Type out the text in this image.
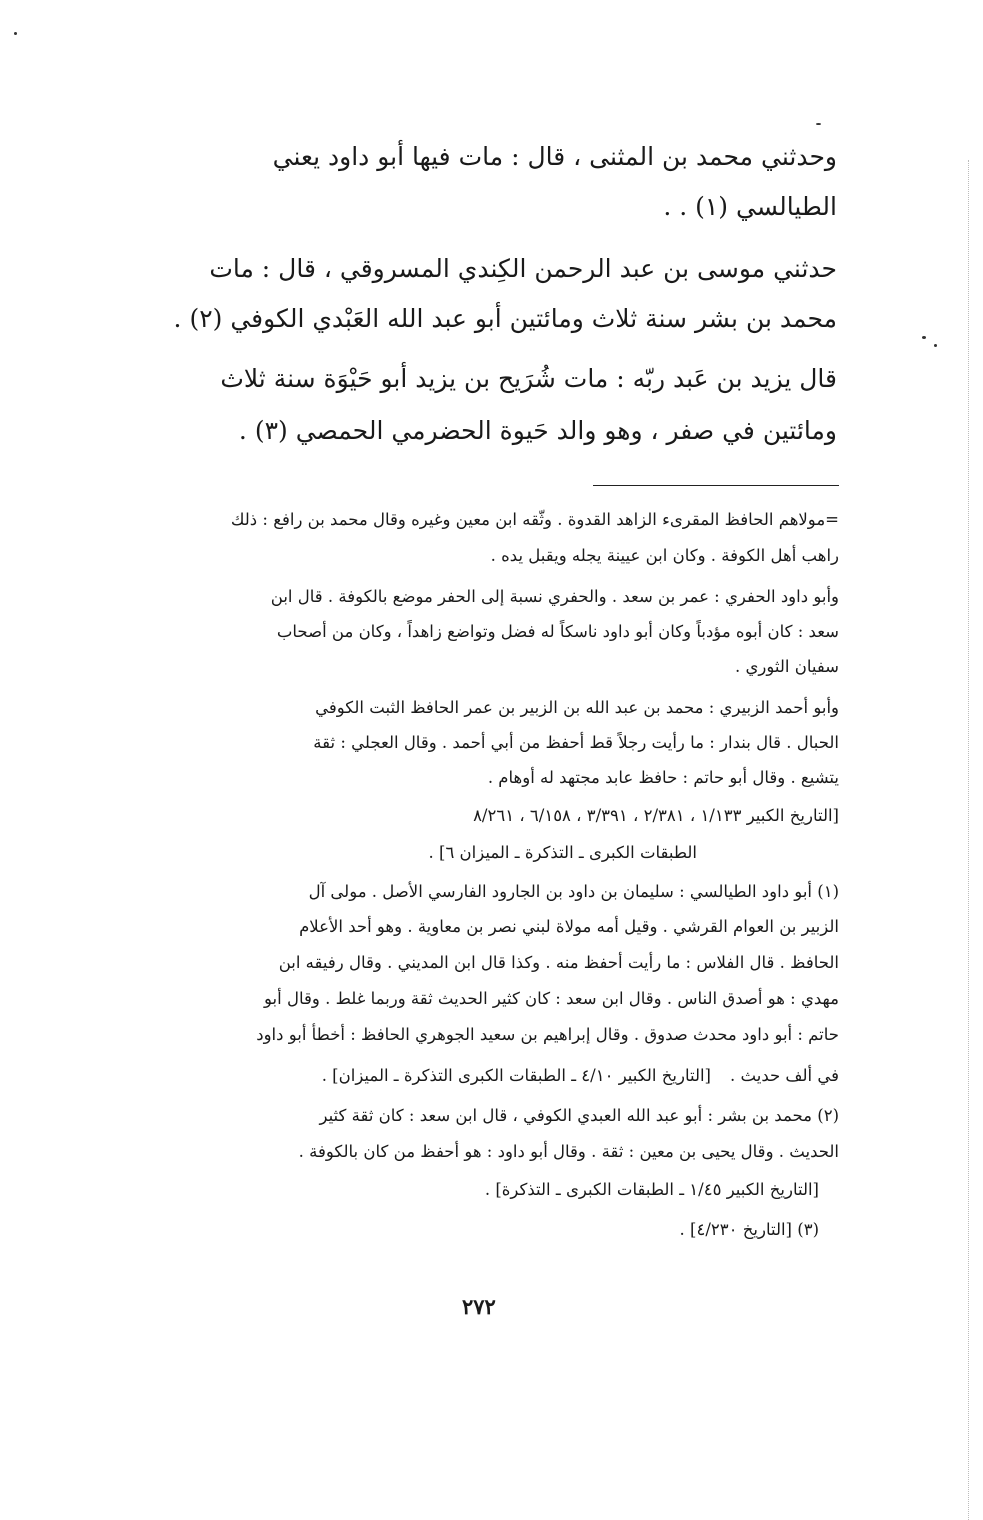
وحدثني محمد بن المثنى ، قال : مات فيها أبو داود يعني
الطيالسي (١) . .
حدثني موسى بن عبد الرحمن الكِندي المسروقي ، قال : مات
محمد بن بشر سنة ثلاث ومائتين أبو عبد الله العَبْدي الكوفي (٢) .
قال يزيد بن عَبد ربّه : مات شُرَيح بن يزيد أبو حَيْوَة سنة ثلاث
ومائتين في صفر ، وهو والد حَيوة الحضرمي الحمصي (٣) .
=مولاهم الحافظ المقرىء الزاهد القدوة . وثّقه ابن معين وغيره وقال محمد بن رافع : ذلك
راهب أهل الكوفة . وكان ابن عيينة يجله ويقبل يده .
وأبو داود الحفري : عمر بن سعد . والحفري نسبة إلى الحفر موضع بالكوفة . قال ابن
سعد : كان أبوه مؤدباً وكان أبو داود ناسكاً له فضل وتواضع زاهداً ، وكان من أصحاب
سفيان الثوري .
وأبو أحمد الزبيري : محمد بن عبد الله بن الزبير بن عمر الحافظ الثبت الكوفي
الحبال . قال بندار : ما رأيت رجلاً قط أحفظ من أبي أحمد . وقال العجلي : ثقة
يتشيع . وقال أبو حاتم : حافظ عابد مجتهد له أوهام .
[التاريخ الكبير ١/١٣٣ ، ٢/٣٨١ ، ٣/٣٩١ ، ٦/١٥٨ ، ٨/٢٦١
الطبقات الكبرى ـ التذكرة ـ الميزان ٦] .
(١) أبو داود الطيالسي : سليمان بن داود بن الجارود الفارسي الأصل . مولى آل
الزبير بن العوام القرشي . وقيل أمه مولاة لبني نصر بن معاوية . وهو أحد الأعلام
الحافظ . قال الفلاس : ما رأيت أحفظ منه . وكذا قال ابن المديني . وقال رفيقه ابن
مهدي : هو أصدق الناس . وقال ابن سعد : كان كثير الحديث ثقة وربما غلط . وقال أبو
حاتم : أبو داود محدث صدوق . وقال إبراهيم بن سعيد الجوهري الحافظ : أخطأ أبو داود
في ألف حديث .
[التاريخ الكبير ٤/١٠ ـ الطبقات الكبرى التذكرة ـ الميزان] .
(٢) محمد بن بشر : أبو عبد الله العبدي الكوفي ، قال ابن سعد : كان ثقة كثير
الحديث . وقال يحيى بن معين : ثقة . وقال أبو داود : هو أحفظ من كان بالكوفة .
[التاريخ الكبير ١/٤٥ ـ الطبقات الكبرى ـ التذكرة] .
(٣) [التاريخ ٤/٢٣٠] .
٢٧٢
